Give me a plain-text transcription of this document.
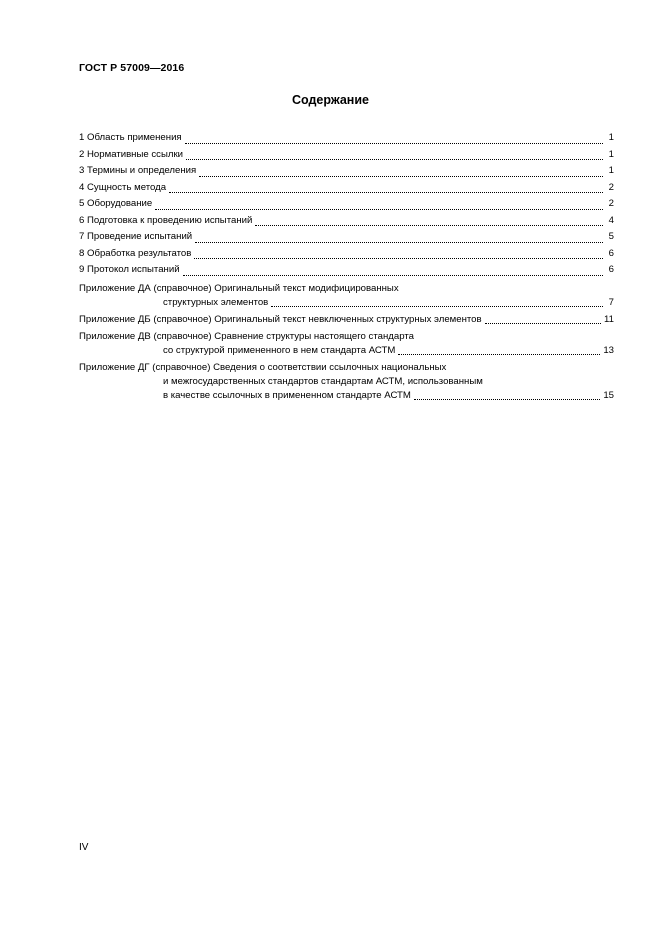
ГОСТ Р 57009—2016
Содержание
1 Область применения	1
2 Нормативные ссылки	1
3 Термины и определения	1
4 Сущность метода	2
5 Оборудование	2
6 Подготовка к проведению испытаний	4
7 Проведение испытаний	5
8 Обработка результатов	6
9 Протокол испытаний	6
Приложение ДА (справочное) Оригинальный текст модифицированных
структурных элементов	7
Приложение ДБ (справочное) Оригинальный текст невключенных структурных элементов	11
Приложение ДВ (справочное) Сравнение структуры настоящего стандарта
со структурой примененного в нем стандарта АСТМ	13
Приложение ДГ (справочное) Сведения о соответствии ссылочных национальных
и межгосударственных стандартов стандартам АСТМ, использованным
в качестве ссылочных в примененном стандарте АСТМ	15
IV
